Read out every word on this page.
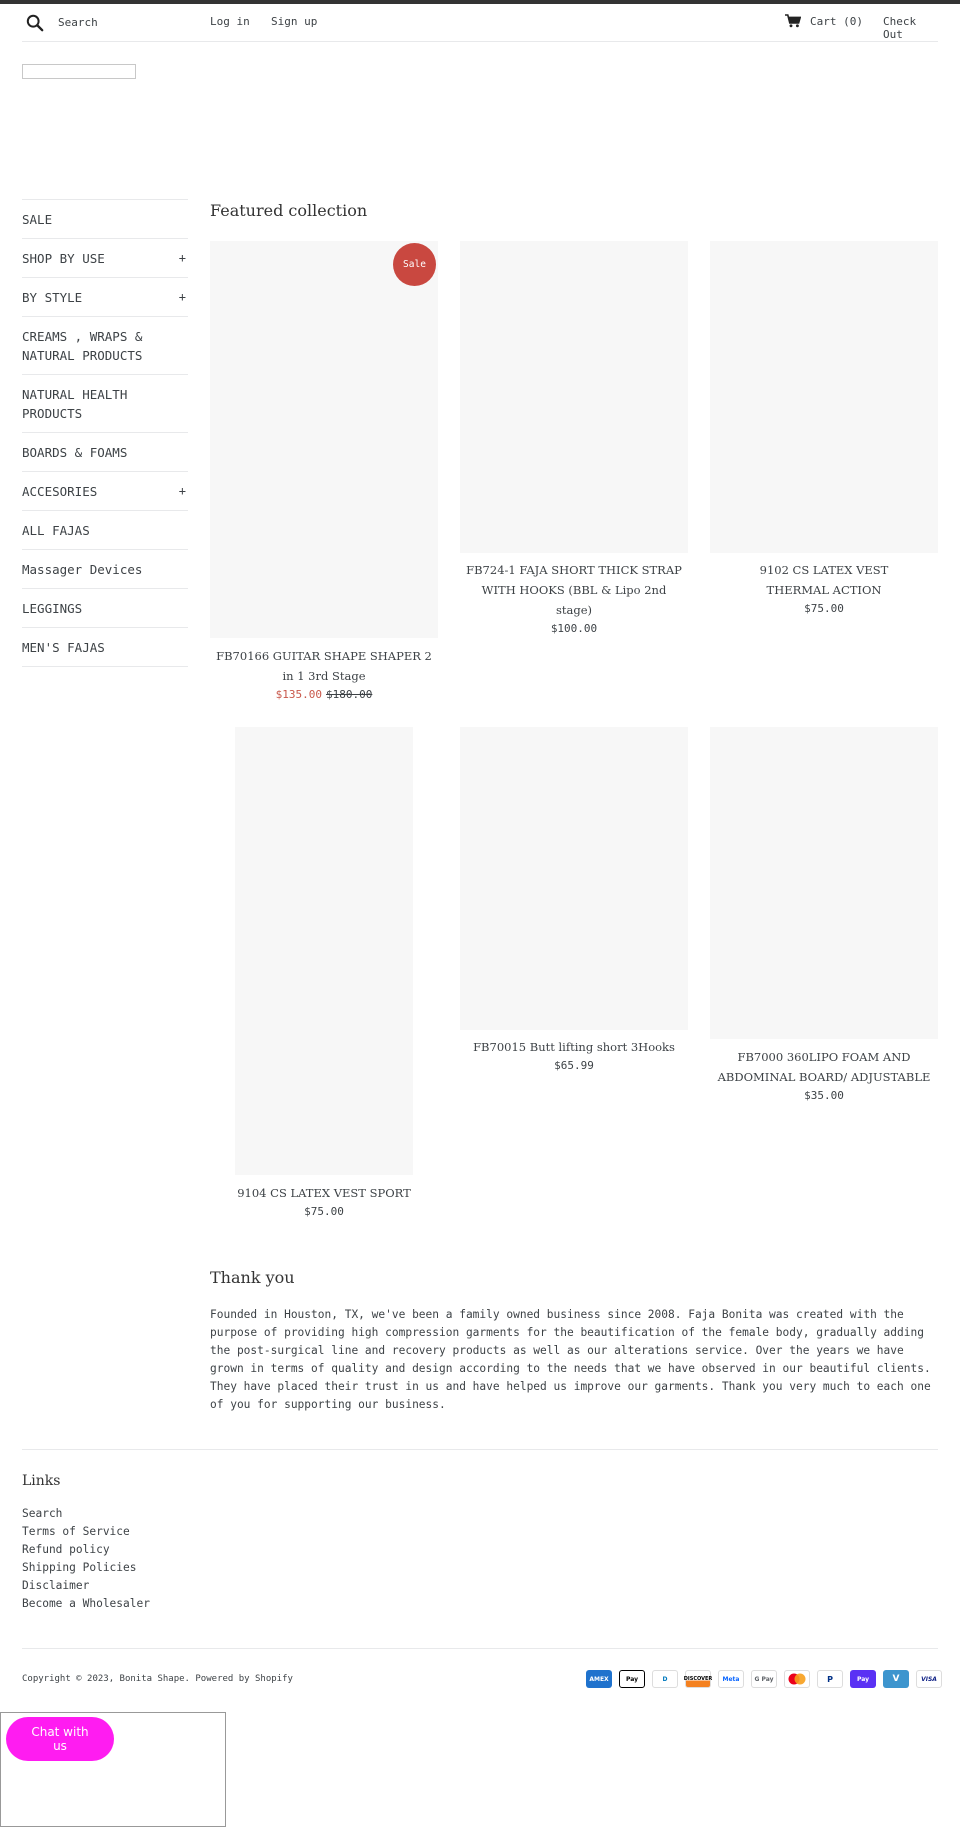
Search
Log in Sign up	Cart (0) Check Out
SALE
SHOP BY USE	+
BY STYLE	+
CREAMS , WRAPS & NATURAL PRODUCTS
NATURAL HEALTH PRODUCTS
BOARDS & FOAMS
ACCESORIES	+
ALL FAJAS
Massager Devices
LEGGINGS
MEN'S FAJAS
Featured collection
Sale
FB70166 GUITAR SHAPE SHAPER 2 in 1 3rd Stage
$135.00 $180.00
FB724-1 FAJA SHORT THICK STRAP WITH HOOKS (BBL & Lipo 2nd stage)
$100.00
9102 CS LATEX VEST THERMAL ACTION
$75.00
9104 CS LATEX VEST SPORT
$75.00
FB70015 Butt lifting short 3Hooks
$65.99
FB7000 360LIPO FOAM AND ABDOMINAL BOARD/ ADJUSTABLE
$35.00
Thank you
Founded in Houston, TX, we've been a family owned business since 2008. Faja Bonita was created with the purpose of providing high compression garments for the beautification of the female body, gradually adding the post-surgical line and recovery products as well as our alterations service. Over the years we have grown in terms of quality and design according to the needs that we have observed in our beautiful clients. They have placed their trust in us and have helped us improve our garments. Thank you very much to each one of you for supporting our business.
Links
Search
Terms of Service
Refund policy
Shipping Policies
Disclaimer
Become a Wholesaler
Copyright © 2023, Bonita Shape. Powered by Shopify	AMEX	Pay	D	DISCOVER	Meta	G Pay	P	Pay	V	VISA
Chat with us
